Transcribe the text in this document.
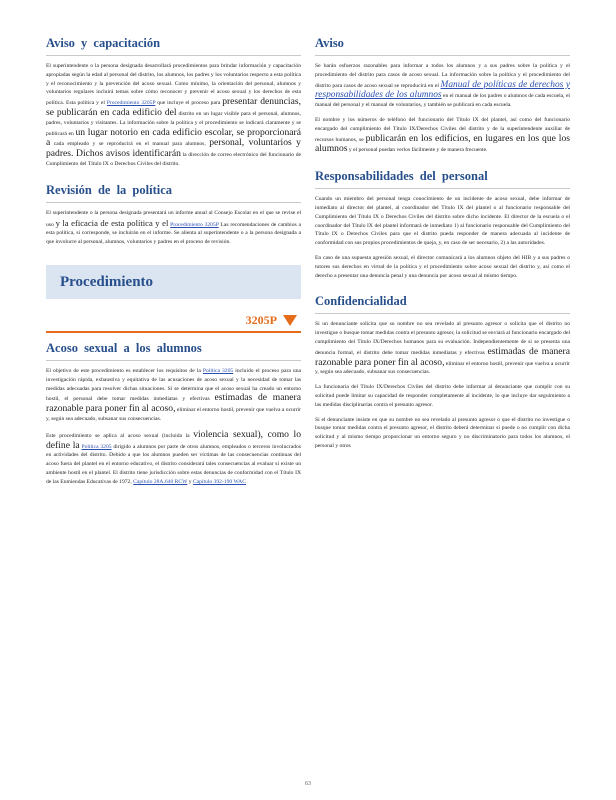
Aviso y capacitación

El superintendente o la persona designada desarrollará procedimientos para brindar información y capacitación apropiadas según la edad al personal del distrito, los alumnos, los padres y los voluntarios respecto a esta política y el reconocimiento y la prevención del acoso sexual. Como mínimo, la orientación del personal, alumnos y voluntarios regulares incluirá temas sobre cómo reconocer y prevenir el acoso sexual y los derechos de esta política. Esta política y el Procedimiento 3205P que incluye el proceso para presentar denuncias, se publicarán en cada edificio del distrito en un lugar visible para el personal, alumnos, padres, voluntarios y visitantes. La información sobre la política y el procedimiento se indicará claramente y se publicará en un lugar notorio en cada edificio escolar, se proporcionará a cada empleado y se reproducirá en el manual para alumnos, personal, voluntarios y padres. Dichos avisos identificarán la dirección de correo electrónico del funcionario de Cumplimiento del Título IX o Derechos Civiles del distrito.

Revisión de la política

El superintendente o la persona designada presentará un informe anual al Consejo Escolar en el que se revise el uso y la eficacia de esta política y el Procedimiento 3205P Las recomendaciones de cambios a esta política, si corresponde, se incluirán en el informe. Se alienta al superintendente o a la persona designada a que involucre al personal, alumnos, voluntarios y padres en el proceso de revisión.

Procedimiento
3205P
Acoso sexual a los alumnos

El objetivo de este procedimiento es establecer los requisitos de la Política 3205 incluido el proceso para una investigación rápida, exhaustiva y equitativa de las acusaciones de acoso sexual y la necesidad de tomar las medidas adecuadas para resolver dichas situaciones. Si se determina que el acoso sexual ha creado un entorno hostil, el personal debe tomar medidas inmediatas y efectivas estimadas de manera razonable para poner fin al acoso, eliminar el entorno hostil, prevenir que vuelva a ocurrir y, según sea adecuado, subsanar sus consecuencias.

Este procedimiento se aplica al acoso sexual (incluida la violencia sexual), como lo define la Política 3205 dirigido a alumnos por parte de otros alumnos, empleados o terceros involucrados en actividades del distrito. Debido a que los alumnos pueden ser víctimas de las consecuencias continuas del acoso fuera del plantel en el entorno educativo, el distrito considerará tales consecuencias al evaluar si existe un ambiente hostil en el plantel. El distrito tiene jurisdicción sobre estas denuncias de conformidad con el Título IX de las Enmiendas Educativas de 1972, Capítulo 28A.640 RCW y Capítulo 392-190 WAC

Aviso

Se harán esfuerzos razonables para informar a todos los alumnos y a sus padres sobre la política y el procedimiento del distrito para casos de acoso sexual. La información sobre la política y el procedimiento del distrito para casos de acoso sexual se reproducirá en el Manual de políticas de derechos y responsabilidades de los alumnos en el manual de los padres o alumnos de cada escuela, el manual del personal y el manual de voluntarios, y también se publicará en cada escuela.

El nombre y los números de teléfono del funcionario del Título IX del plantel, así como del funcionario encargado del cumplimiento del Título IX/Derechos Civiles del distrito y de la superintendente auxiliar de recursos humanos, se publicarán en los edificios, en lugares en los que los alumnos y el personal puedan verlos fácilmente y de manera frecuente.

Responsabilidades del personal

Cuando un miembro del personal tenga conocimiento de un incidente de acoso sexual, debe informar de inmediato al director del plantel, al coordinador del Título IX del plantel o al funcionario responsable del Cumplimiento del Título IX o Derechos Civiles del distrito sobre dicho incidente. El director de la escuela o el coordinador del Título IX del plantel informará de inmediato 1) al funcionario responsable del Cumplimiento del Título IX o Derechos Civiles para que el distrito pueda responder de manera adecuada al incidente de conformidad con sus propios procedimientos de queja, y, en caso de ser necesario, 2) a las autoridades.

En caso de una supuesta agresión sexual, el director comunicará a los alumnos objeto del HIB y a sus padres o tutores sus derechos en virtud de la política y el procedimiento sobre acoso sexual del distrito y, así como el derecho a presentar una denuncia penal y una denuncia por acoso sexual al mismo tiempo.

Confidencialidad

Si un denunciante solicita que su nombre no sea revelado al presunto agresor o solicita que el distrito no investigue o busque tomar medidas contra el presunto agresor, la solicitud se enviará al funcionario encargado del cumplimiento del Título IX/Derechos humanos para su evaluación. Independientemente de si se presenta una denuncia formal, el distrito debe tomar medidas inmediatas y efectivas estimadas de manera razonable para poner fin al acoso, eliminar el entorno hostil, prevenir que vuelva a ocurrir y, según sea adecuado, subsanar sus consecuencias.

La funcionaria del Título IX/Derechos Civiles del distrito debe informar al denunciante que cumplir con su solicitud puede limitar su capacidad de responder completamente al incidente, lo que incluye dar seguimiento a las medidas disciplinarias contra el presunto agresor.

Si el denunciante insiste en que su nombre no sea revelado al presunto agresor o que el distrito no investigue o busque tomar medidas contra el presunto agresor, el distrito deberá determinar si puede o no cumplir con dicha solicitud y al mismo tiempo proporcionar un entorno seguro y no discriminatorio para todos los alumnos, el personal y otros

63
